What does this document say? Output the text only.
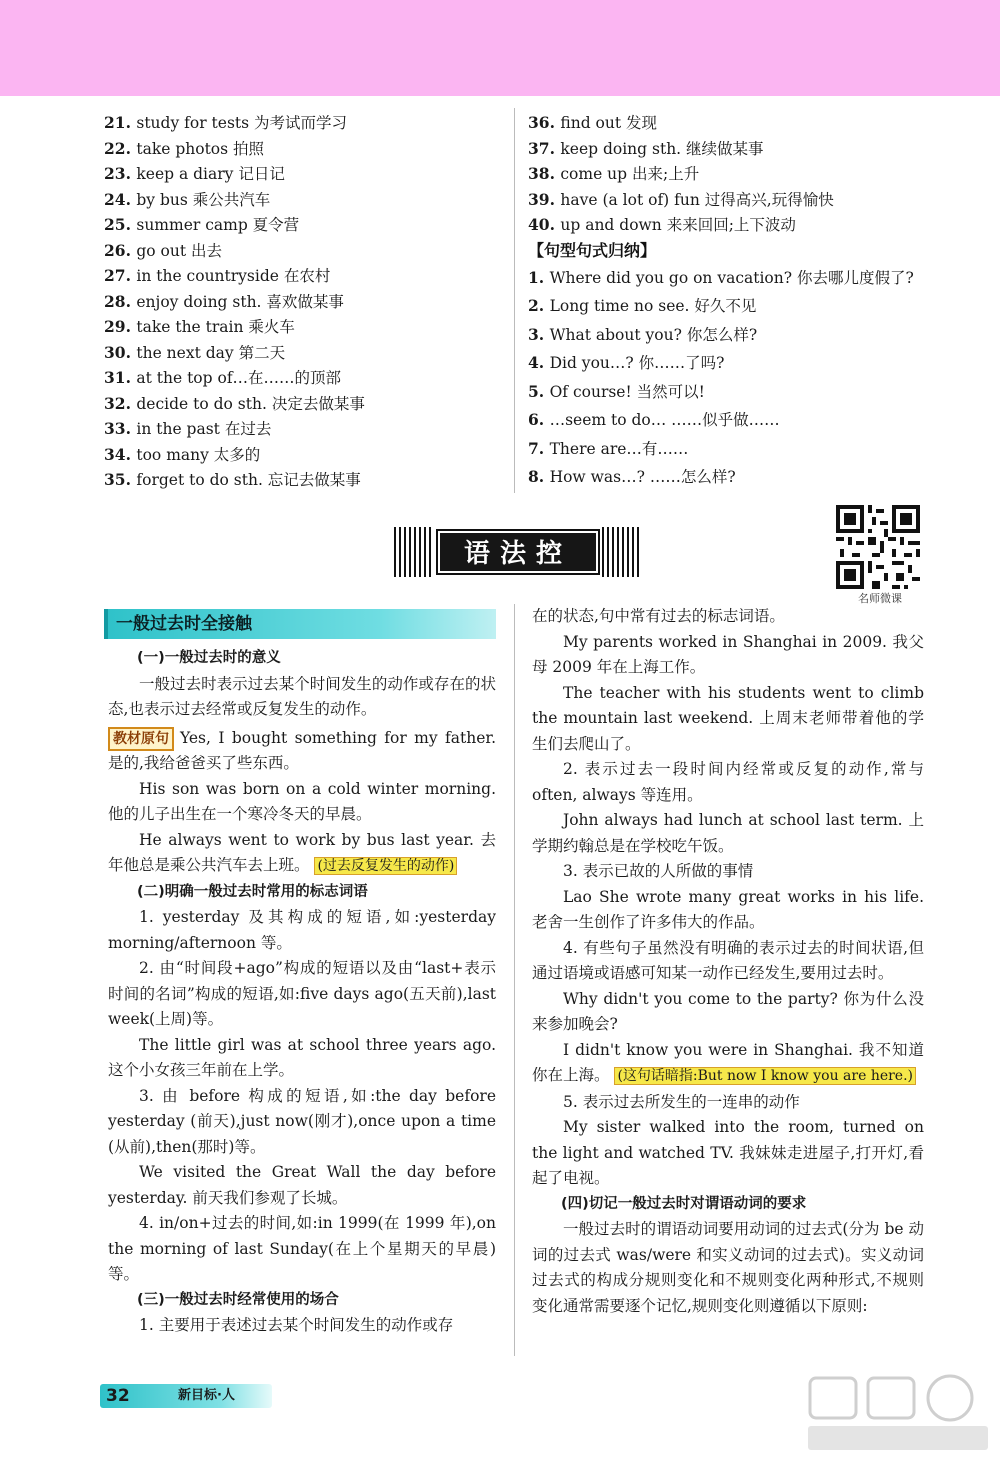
21. study for tests 为考试而学习
22. take photos 拍照
23. keep a diary 记日记
24. by bus 乘公共汽车
25. summer camp 夏令营
26. go out 出去
27. in the countryside 在农村
28. enjoy doing sth. 喜欢做某事
29. take the train 乘火车
30. the next day 第二天
31. at the top of…在……的顶部
32. decide to do sth. 决定去做某事
33. in the past 在过去
34. too many 太多的
35. forget to do sth. 忘记去做某事
36. find out 发现
37. keep doing sth. 继续做某事
38. come up 出来;上升
39. have (a lot of) fun 过得高兴,玩得愉快
40. up and down 来来回回;上下波动
【句型句式归纳】
1. Where did you go on vacation? 你去哪儿度假了?
2. Long time no see. 好久不见
3. What about you? 你怎么样?
4. Did you…? 你……了吗?
5. Of course! 当然可以!
6. …seem to do… ……似乎做……
7. There are…有……
8. How was…? ……怎么样?
语法控
名师微课
一般过去时全接触
(一)一般过去时的意义
一般过去时表示过去某个时间发生的动作或存在的状态,也表示过去经常或反复发生的动作。
教材原句 Yes, I bought something for my father. 是的,我给爸爸买了些东西。
His son was born on a cold winter morning. 他的儿子出生在一个寒冷冬天的早晨。
He always went to work by bus last year. 去年他总是乘公共汽车去上班。 (过去反复发生的动作)
(二)明确一般过去时常用的标志词语
1. yesterday 及其构成的短语,如:yesterday morning/afternoon 等。
2. 由“时间段+ago”构成的短语以及由“last+表示时间的名词”构成的短语,如:five days ago(五天前),last week(上周)等。
The little girl was at school three years ago. 这个小女孩三年前在上学。
3. 由 before 构成的短语,如:the day before yesterday (前天),just now(刚才),once upon a time (从前),then(那时)等。
We visited the Great Wall the day before yesterday. 前天我们参观了长城。
4. in/on+过去的时间,如:in 1999(在 1999 年),on the morning of last Sunday(在上个星期天的早晨)等。
(三)一般过去时经常使用的场合
1. 主要用于表述过去某个时间发生的动作或存
在的状态,句中常有过去的标志词语。
My parents worked in Shanghai in 2009. 我父母 2009 年在上海工作。
The teacher with his students went to climb the mountain last weekend. 上周末老师带着他的学生们去爬山了。
2. 表示过去一段时间内经常或反复的动作,常与 often, always 等连用。
John always had lunch at school last term. 上学期约翰总是在学校吃午饭。
3. 表示已故的人所做的事情
Lao She wrote many great works in his life. 老舍一生创作了许多伟大的作品。
4. 有些句子虽然没有明确的表示过去的时间状语,但通过语境或语感可知某一动作已经发生,要用过去时。
Why didn't you come to the party? 你为什么没来参加晚会?
I didn't know you were in Shanghai. 我不知道你在上海。 (这句话暗指:But now I know you are here.)
5. 表示过去所发生的一连串的动作
My sister walked into the room, turned on the light and watched TV. 我妹妹走进屋子,打开灯,看起了电视。
(四)切记一般过去时对谓语动词的要求
一般过去时的谓语动词要用动词的过去式(分为 be 动词的过去式 was/were 和实义动词的过去式)。实义动词过去式的构成分规则变化和不规则变化两种形式,不规则变化通常需要逐个记忆,规则变化则遵循以下原则:
32	新目标·人
